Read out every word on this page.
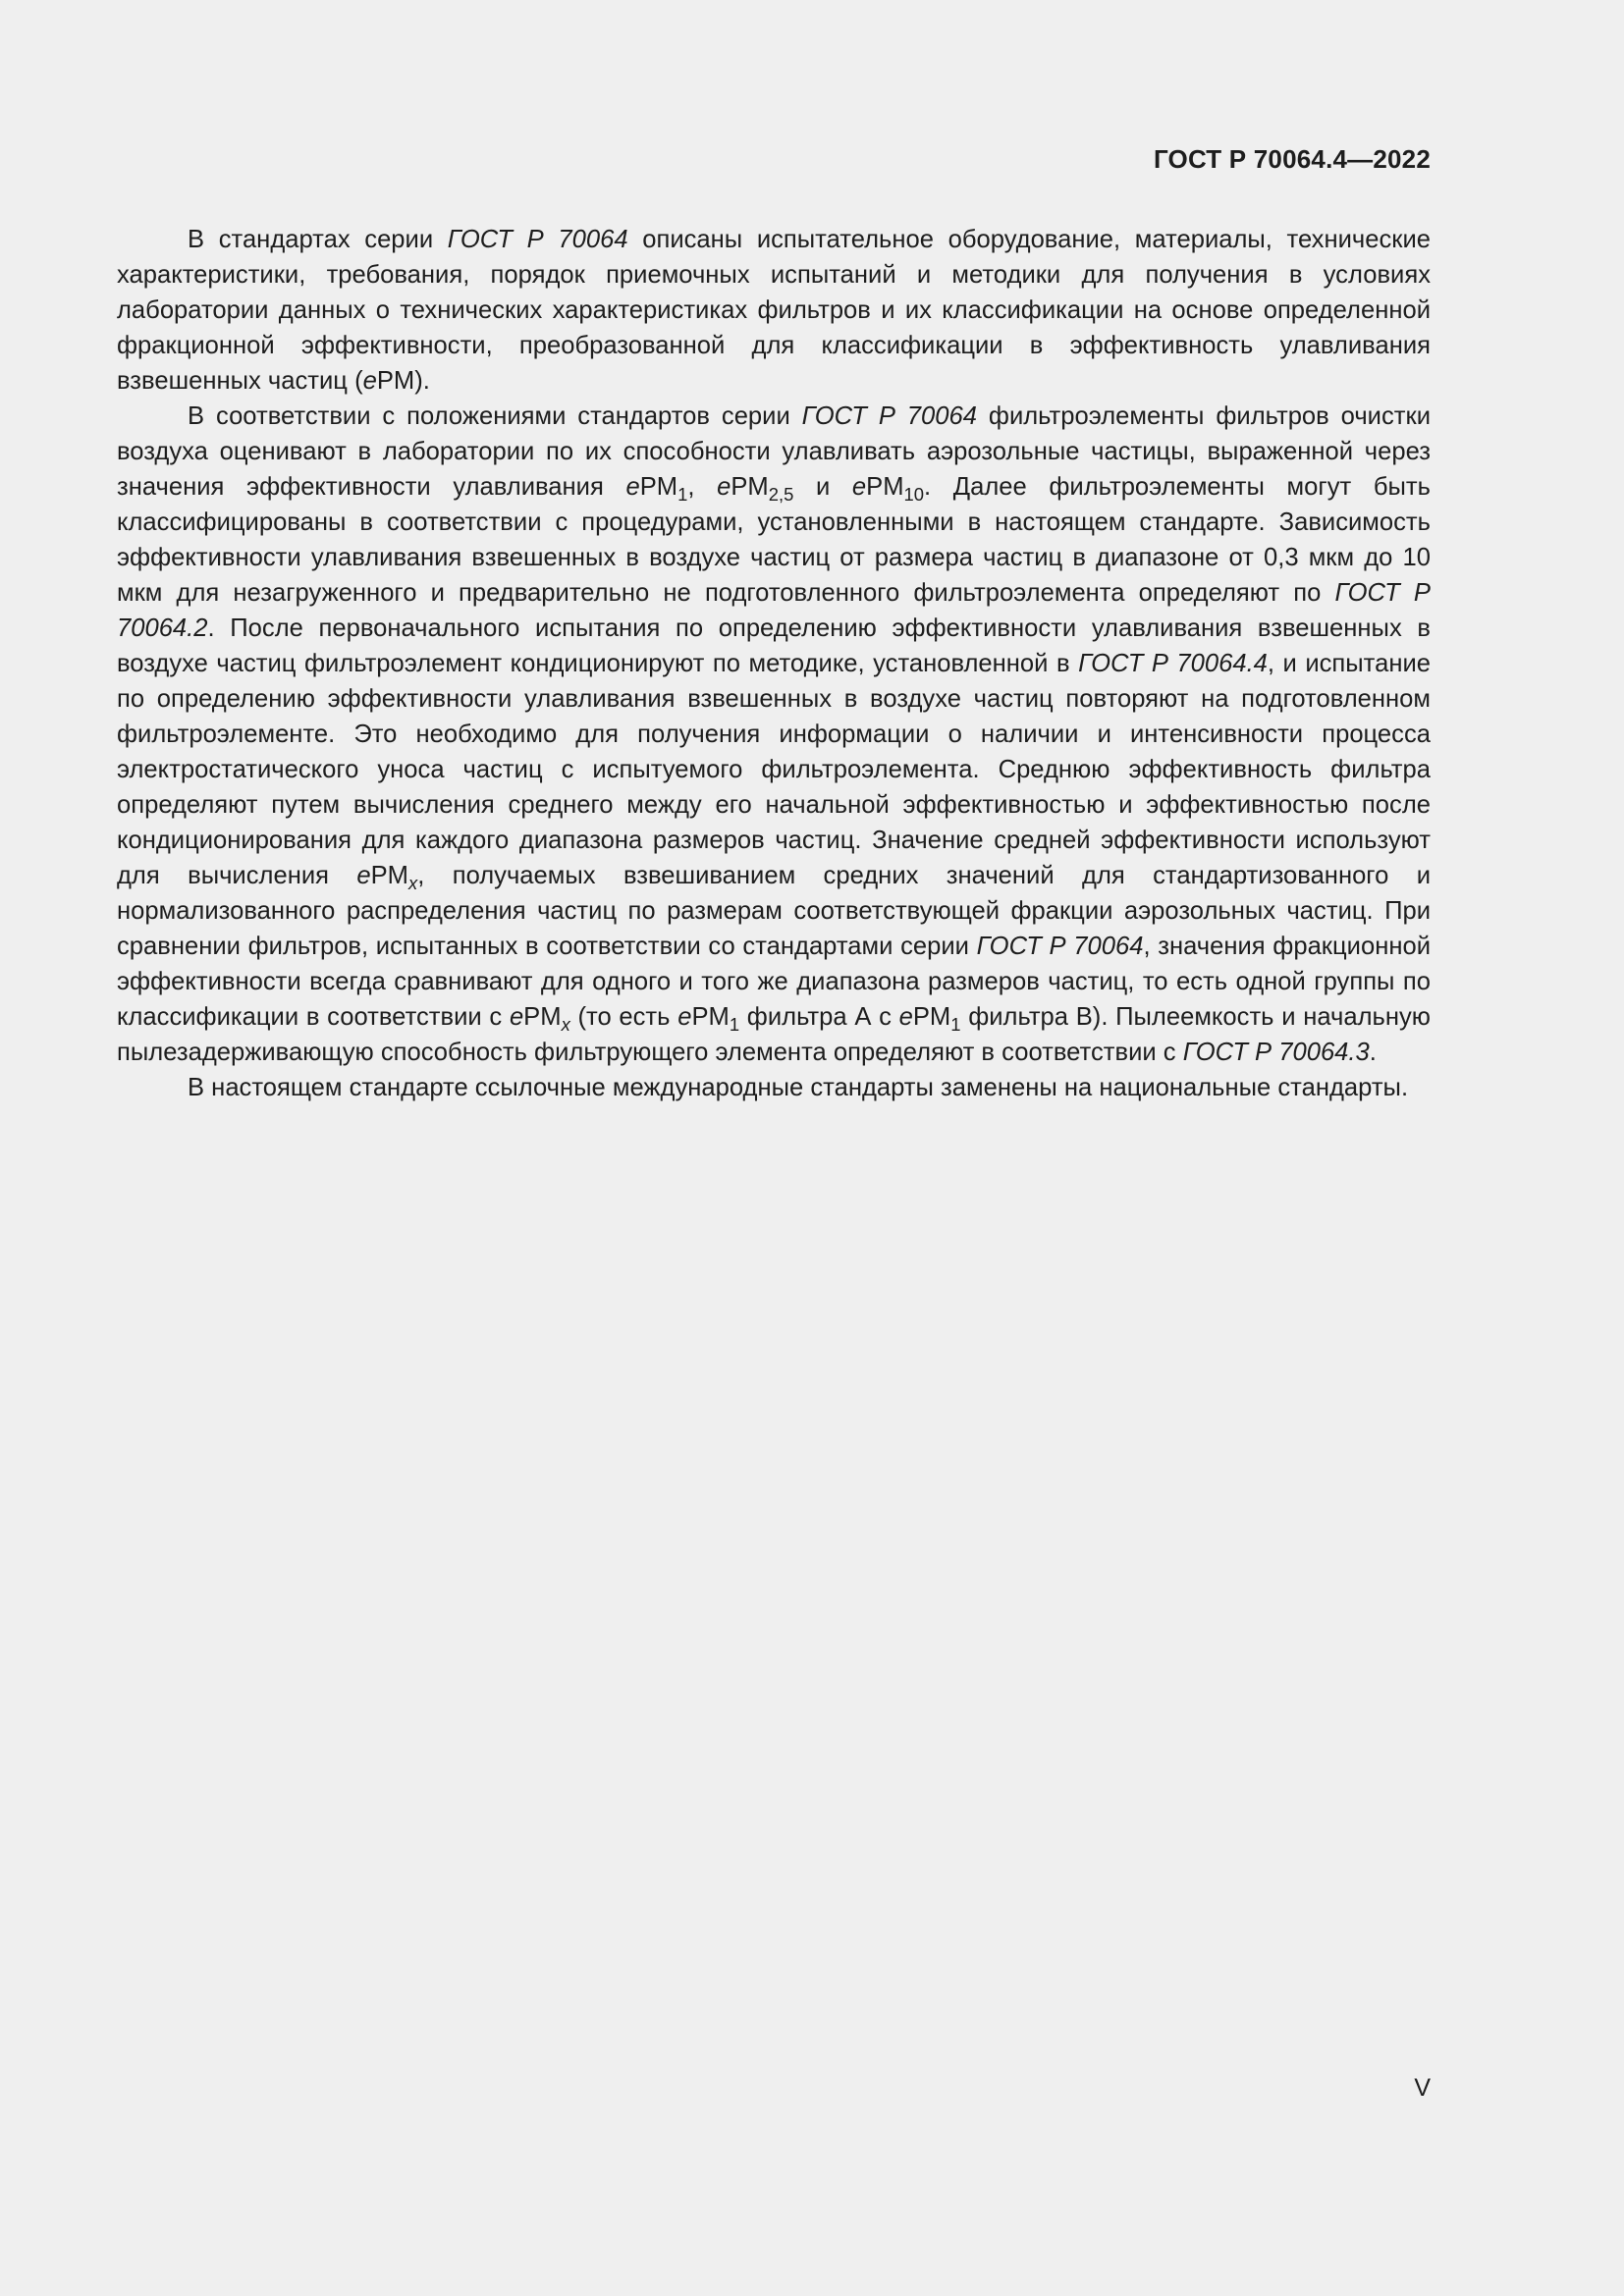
ГОСТ Р 70064.4—2022

В стандартах серии ГОСТ Р 70064 описаны испытательное оборудование, материалы, технические характеристики, требования, порядок приемочных испытаний и методики для получения в условиях лаборатории данных о технических характеристиках фильтров и их классификации на основе определенной фракционной эффективности, преобразованной для классификации в эффективность улавливания взвешенных частиц (ePM).

В соответствии с положениями стандартов серии ГОСТ Р 70064 фильтроэлементы фильтров очистки воздуха оценивают в лаборатории по их способности улавливать аэрозольные частицы, выраженной через значения эффективности улавливания ePM$_1$, ePM$_{2,5}$ и ePM$_{10}$. Далее фильтроэлементы могут быть классифицированы в соответствии с процедурами, установленными в настоящем стандарте. Зависимость эффективности улавливания взвешенных в воздухе частиц от размера частиц в диапазоне от 0,3 мкм до 10 мкм для незагруженного и предварительно не подготовленного фильтроэлемента определяют по ГОСТ Р 70064.2. После первоначального испытания по определению эффективности улавливания взвешенных в воздухе частиц фильтроэлемент кондиционируют по методике, установленной в ГОСТ Р 70064.4, и испытание по определению эффективности улавливания взвешенных в воздухе частиц повторяют на подготовленном фильтроэлементе. Это необходимо для получения информации о наличии и интенсивности процесса электростатического уноса частиц с испытуемого фильтроэлемента. Среднюю эффективность фильтра определяют путем вычисления среднего между его начальной эффективностью и эффективностью после кондиционирования для каждого диапазона размеров частиц. Значение средней эффективности используют для вычисления ePM$_x$, получаемых взвешиванием средних значений для стандартизованного и нормализованного распределения частиц по размерам соответствующей фракции аэрозольных частиц. При сравнении фильтров, испытанных в соответствии со стандартами серии ГОСТ Р 70064, значения фракционной эффективности всегда сравнивают для одного и того же диапазона размеров частиц, то есть одной группы по классификации в соответствии с ePM$_x$ (то есть ePM$_1$ фильтра А с ePM$_1$ фильтра В). Пылеемкость и начальную пылезадерживающую способность фильтрующего элемента определяют в соответствии с ГОСТ Р 70064.3.

В настоящем стандарте ссылочные международные стандарты заменены на национальные стандарты.

V
